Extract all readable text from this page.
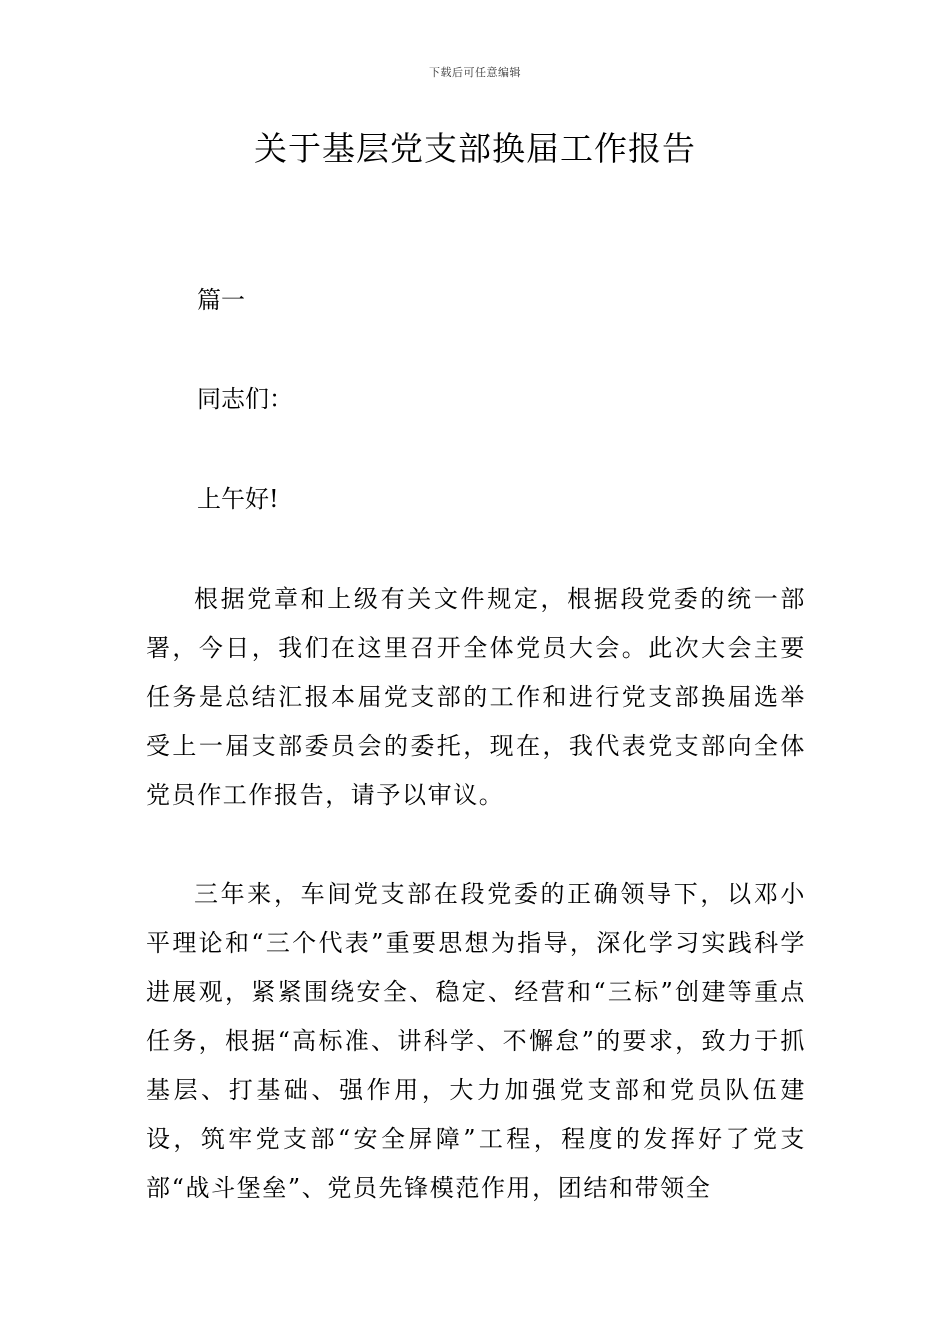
下载后可任意编辑
关于基层党支部换届工作报告
篇一
同志们：
上午好!

根据党章和上级有关文件规定，根据段党委的统一部署，今日，我们在这里召开全体党员大会。此次大会主要任务是总结汇报本届党支部的工作和进行党支部换届选举受上一届支部委员会的委托，现在，我代表党支部向全体党员作工作报告，请予以审议。

三年来，车间党支部在段党委的正确领导下，以邓小平理论和“三个代表”重要思想为指导，深化学习实践科学进展观，紧紧围绕安全、稳定、经营和“三标”创建等重点任务，根据“高标准、讲科学、不懈怠”的要求，致力于抓基层、打基础、强作用，大力加强党支部和党员队伍建设，筑牢党支部“安全屏障”工程，程度的发挥好了党支部“战斗堡垒”、党员先锋模范作用，团结和带领全
